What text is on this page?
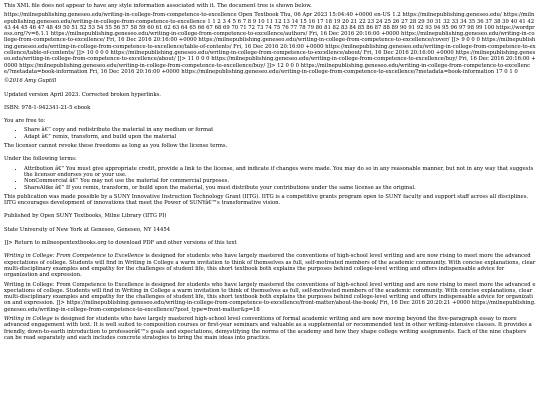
This XML file does not appear to have any style information associated with it. The document tree is shown below.

https://milnepublishing.geneseo.edu/writing-in-college-from-competence-to-excellence Open Textbook Thu, 06 Apr 2023 15:04:40 +0000 en-US 1.2 https://milnepublishing.geneseo.edu/ https://milnepublishing.geneseo.edu/writing-in-college-from-competence-to-excellence 1 1 2 3 4 5 6 7 8 9 10 11 12 13 14 15 16 17 18 19 20 21 22 23 24 25 26 27 28 29 30 31 32 33 34 35 36 37 38 39 40 41 42 43 44 45 46 47 48 49 50 51 52 53 54 55 56 57 58 59 60 61 62 63 64 65 66 67 68 69 70 71 72 73 74 75 76 77 78 79 80 81 82 83 84 85 86 87 88 89 90 91 92 93 94 95 96 97 98 99 100 https://wordpress.org/?v=6.1.1 https://milnepublishing.geneseo.edu/writing-in-college-from-competence-to-excellence/authors/ Fri, 16 Dec 2016 20:16:00 +0000 https://milnepublishing.geneseo.edu/writing-in-college-from-competence-to-excellence/ Fri, 16 Dec 2016 20:16:00 +0000 https://milnepublishing.geneseo.edu/writing-in-college-from-competence-to-excellence/cover/ ]]> 9 0 0 0 https://milnepublishing.geneseo.edu/writing-in-college-from-competence-to-excellence/table-of-contents/ Fri, 16 Dec 2016 20:16:00 +0000 https://milnepublishing.geneseo.edu/writing-in-college-from-competence-to-excellence/table-of-contents/ ]]> 10 0 0 0 https://milnepublishing.geneseo.edu/writing-in-college-from-competence-to-excellence/about/ Fri, 16 Dec 2016 20:16:00 +0000 https://milnepublishing.geneseo.edu/writing-in-college-from-competence-to-excellence/about/ ]]> 11 0 0 0 https://milnepublishing.geneseo.edu/writing-in-college-from-competence-to-excellence/buy/ Fri, 16 Dec 2016 20:16:00 +0000 https://milnepublishing.geneseo.edu/writing-in-college-from-competence-to-excellence/buy/ ]]> 12 0 0 0 https://milnepublishing.geneseo.edu/writing-in-college-from-competence-to-excellence/?metadata=book-information Fri, 16 Dec 2016 20:16:00 +0000 https://milnepublishing.geneseo.edu/writing-in-college-from-competence-to-excellence/?metadata=book-information 17 0 1 0

©2016 Amy Guptill

Updated version April 2023. Corrected broken hyperlinks.

ISBN: 978-1-942341-21-5 ebook

You are free to:

• Share â€” copy and redistribute the material in any medium or format
• Adapt â€” remix, transform, and build upon the material

The licensor cannot revoke these freedoms as long as you follow the license terms.

Under the following terms:

• Attribution â€” You must give appropriate credit, provide a link to the license, and indicate if changes were made. You may do so in any reasonable manner, but not in any way that suggests the licensor endorses you or your use.
• NonCommercial â€” You may not use the material for commercial purposes.
• ShareAlike â€” If you remix, transform, or build upon the material, you must distribute your contributions under the same license as the original.

This publication was made possible by a SUNY Innovative Instruction Technology Grant (IITG). IITG is a competitive grants program open to SUNY faculty and support staff across all disciplines. IITG encourages development of innovations that meet the Power of SUNYâ€™s transformative vision.

Published by Open SUNY Textbooks, Milne Library (IITG PI)

State University of New York at Geneseo, Geneseo, NY 14454

]]> Return to milneopentextbooks.org to download PDF and other versions of this text

Writing in College: From Competence to Excellence is designed for students who have largely mastered the conventions of high-school level writing and are now rising to meet more the advanced expectations of college. Students will find in Writing in College a warm invitation to think of themselves as full, self-motivated members of the academic community. With concise explanations, clear multi-disciplinary examples and empathy for the challenges of student life, this short textbook both explains the purposes behind college-level writing and offers indispensable advice for organization and expression.

Writing in College: From Competence to Excellence is designed for students who have largely mastered the conventions of high-school level writing and are now rising to meet more the advanced expectations of college. Students will find in Writing in College a warm invitation to think of themselves as full, self-motivated members of the academic community. With concise explanations, clear multi-disciplinary examples and empathy for the challenges of student life, this short textbook both explains the purposes behind college-level writing and offers indispensable advice for organization and expression. ]]> https://milnepublishing.geneseo.edu/writing-in-college-from-competence-to-excellence/front-matter/about-the-book/ Fri, 16 Dec 2016 20:20:21 +0000 https://milnepublishing.geneseo.edu/writing-in-college-from-competence-to-excellence/?post_type=front-matter&p=18

Writing in College is designed for students who have largely mastered high-school level conventions of formal academic writing and are now moving beyond the five-paragraph essay to more advanced engagement with text. It is well suited to composition courses or first-year seminars and valuable as a supplemental or recommended text in other writing-intensive classes. It provides a friendly, down-to-earth introduction to professorâ€™s goals and expectations, demystifying the norms of the academy and how they shape college writing assignments. Each of the nine chapters can be read separately and each includes concrete strategies to bring the main ideas into practice.
